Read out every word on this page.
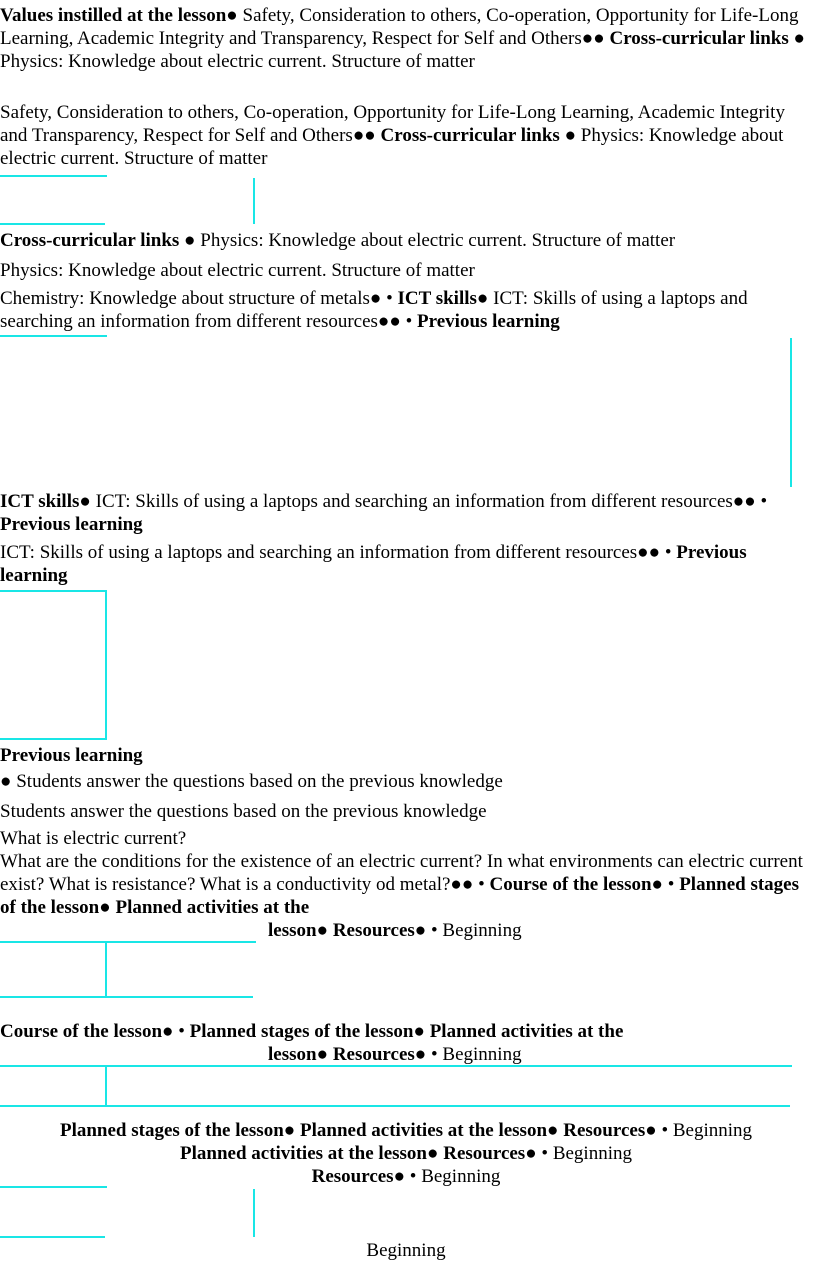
Values instilled at the lesson● Safety, Consideration to others, Co-operation, Opportunity for Life-Long Learning, Academic Integrity and Transparency, Respect for Self and Others●● Cross-curricular links ● Physics: Knowledge about electric current. Structure of matter
Safety, Consideration to others, Co-operation, Opportunity for Life-Long Learning, Academic Integrity and Transparency, Respect for Self and Others●● Cross-curricular links ● Physics: Knowledge about electric current. Structure of matter
Cross-curricular links ● Physics: Knowledge about electric current. Structure of matter
Physics: Knowledge about electric current. Structure of matter
Chemistry: Knowledge about structure of metals● • ICT skills● ICT: Skills of using a laptops and searching an information from different resources●● • Previous learning
ICT skills● ICT: Skills of using a laptops and searching an information from different resources●● • Previous learning
ICT: Skills of using a laptops and searching an information from different resources●● • Previous learning
Previous learning
● Students answer the questions based on the previous knowledge
Students answer the questions based on the previous knowledge
What is electric current?
What are the conditions for the existence of an electric current? In what environments can electric current exist? What is resistance? What is a conductivity od metal?●● • Course of the lesson● • Planned stages of the lesson● Planned activities at the
lesson● Resources● • Beginning
Course of the lesson● • Planned stages of the lesson● Planned activities at the
lesson● Resources● • Beginning
Planned stages of the lesson● Planned activities at the lesson● Resources● • Beginning
Planned activities at the lesson● Resources● • Beginning
Resources● • Beginning
Beginning
